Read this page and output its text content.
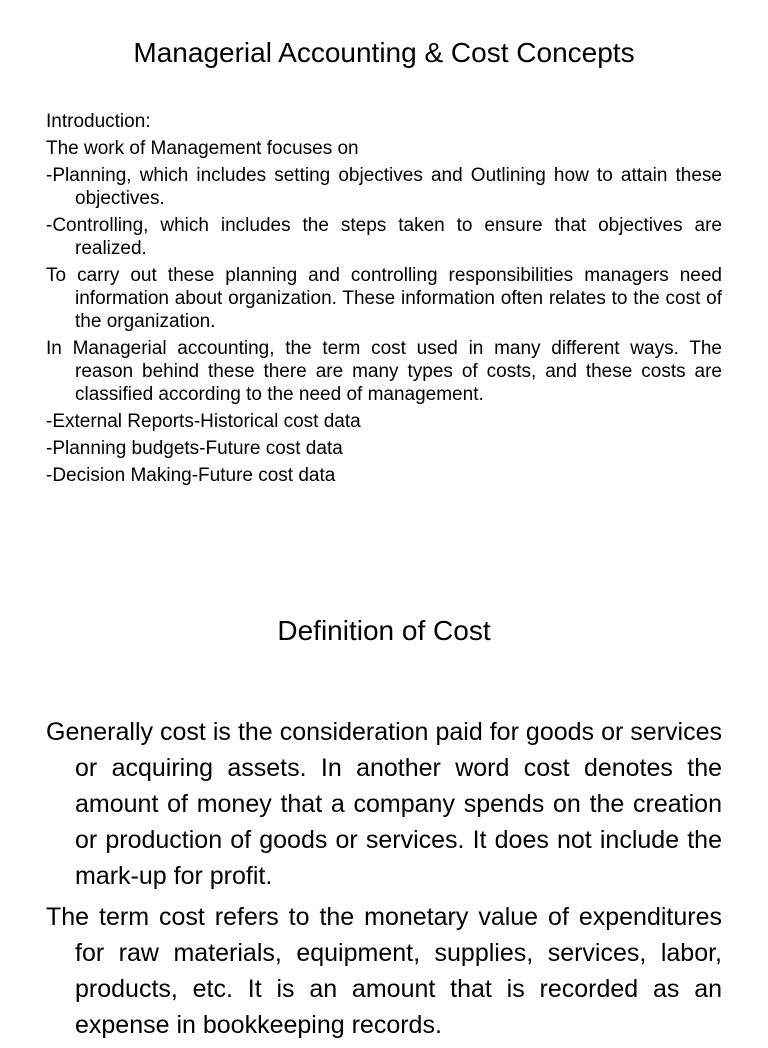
Managerial Accounting & Cost Concepts

Introduction:

The work of Management focuses on

-Planning, which includes setting objectives and Outlining how to attain these objectives.

-Controlling, which includes the steps taken to ensure that objectives are realized.

To carry out these planning and controlling responsibilities managers need information about organization. These information often relates to the cost of the organization.

In Managerial accounting, the term cost used in many different ways. The reason behind these there are many types of costs, and these costs are classified according to the need of management.

-External Reports-Historical cost data

-Planning budgets-Future cost data

-Decision Making-Future cost data

Definition of Cost

Generally cost is the consideration paid for goods or services or acquiring assets. In another word cost denotes the amount of money that a company spends on the creation or production of goods or services. It does not include the mark-up for profit.

The term cost refers to the monetary value of expenditures for raw materials, equipment, supplies, services, labor, products, etc. It is an amount that is recorded as an expense in bookkeeping records.
